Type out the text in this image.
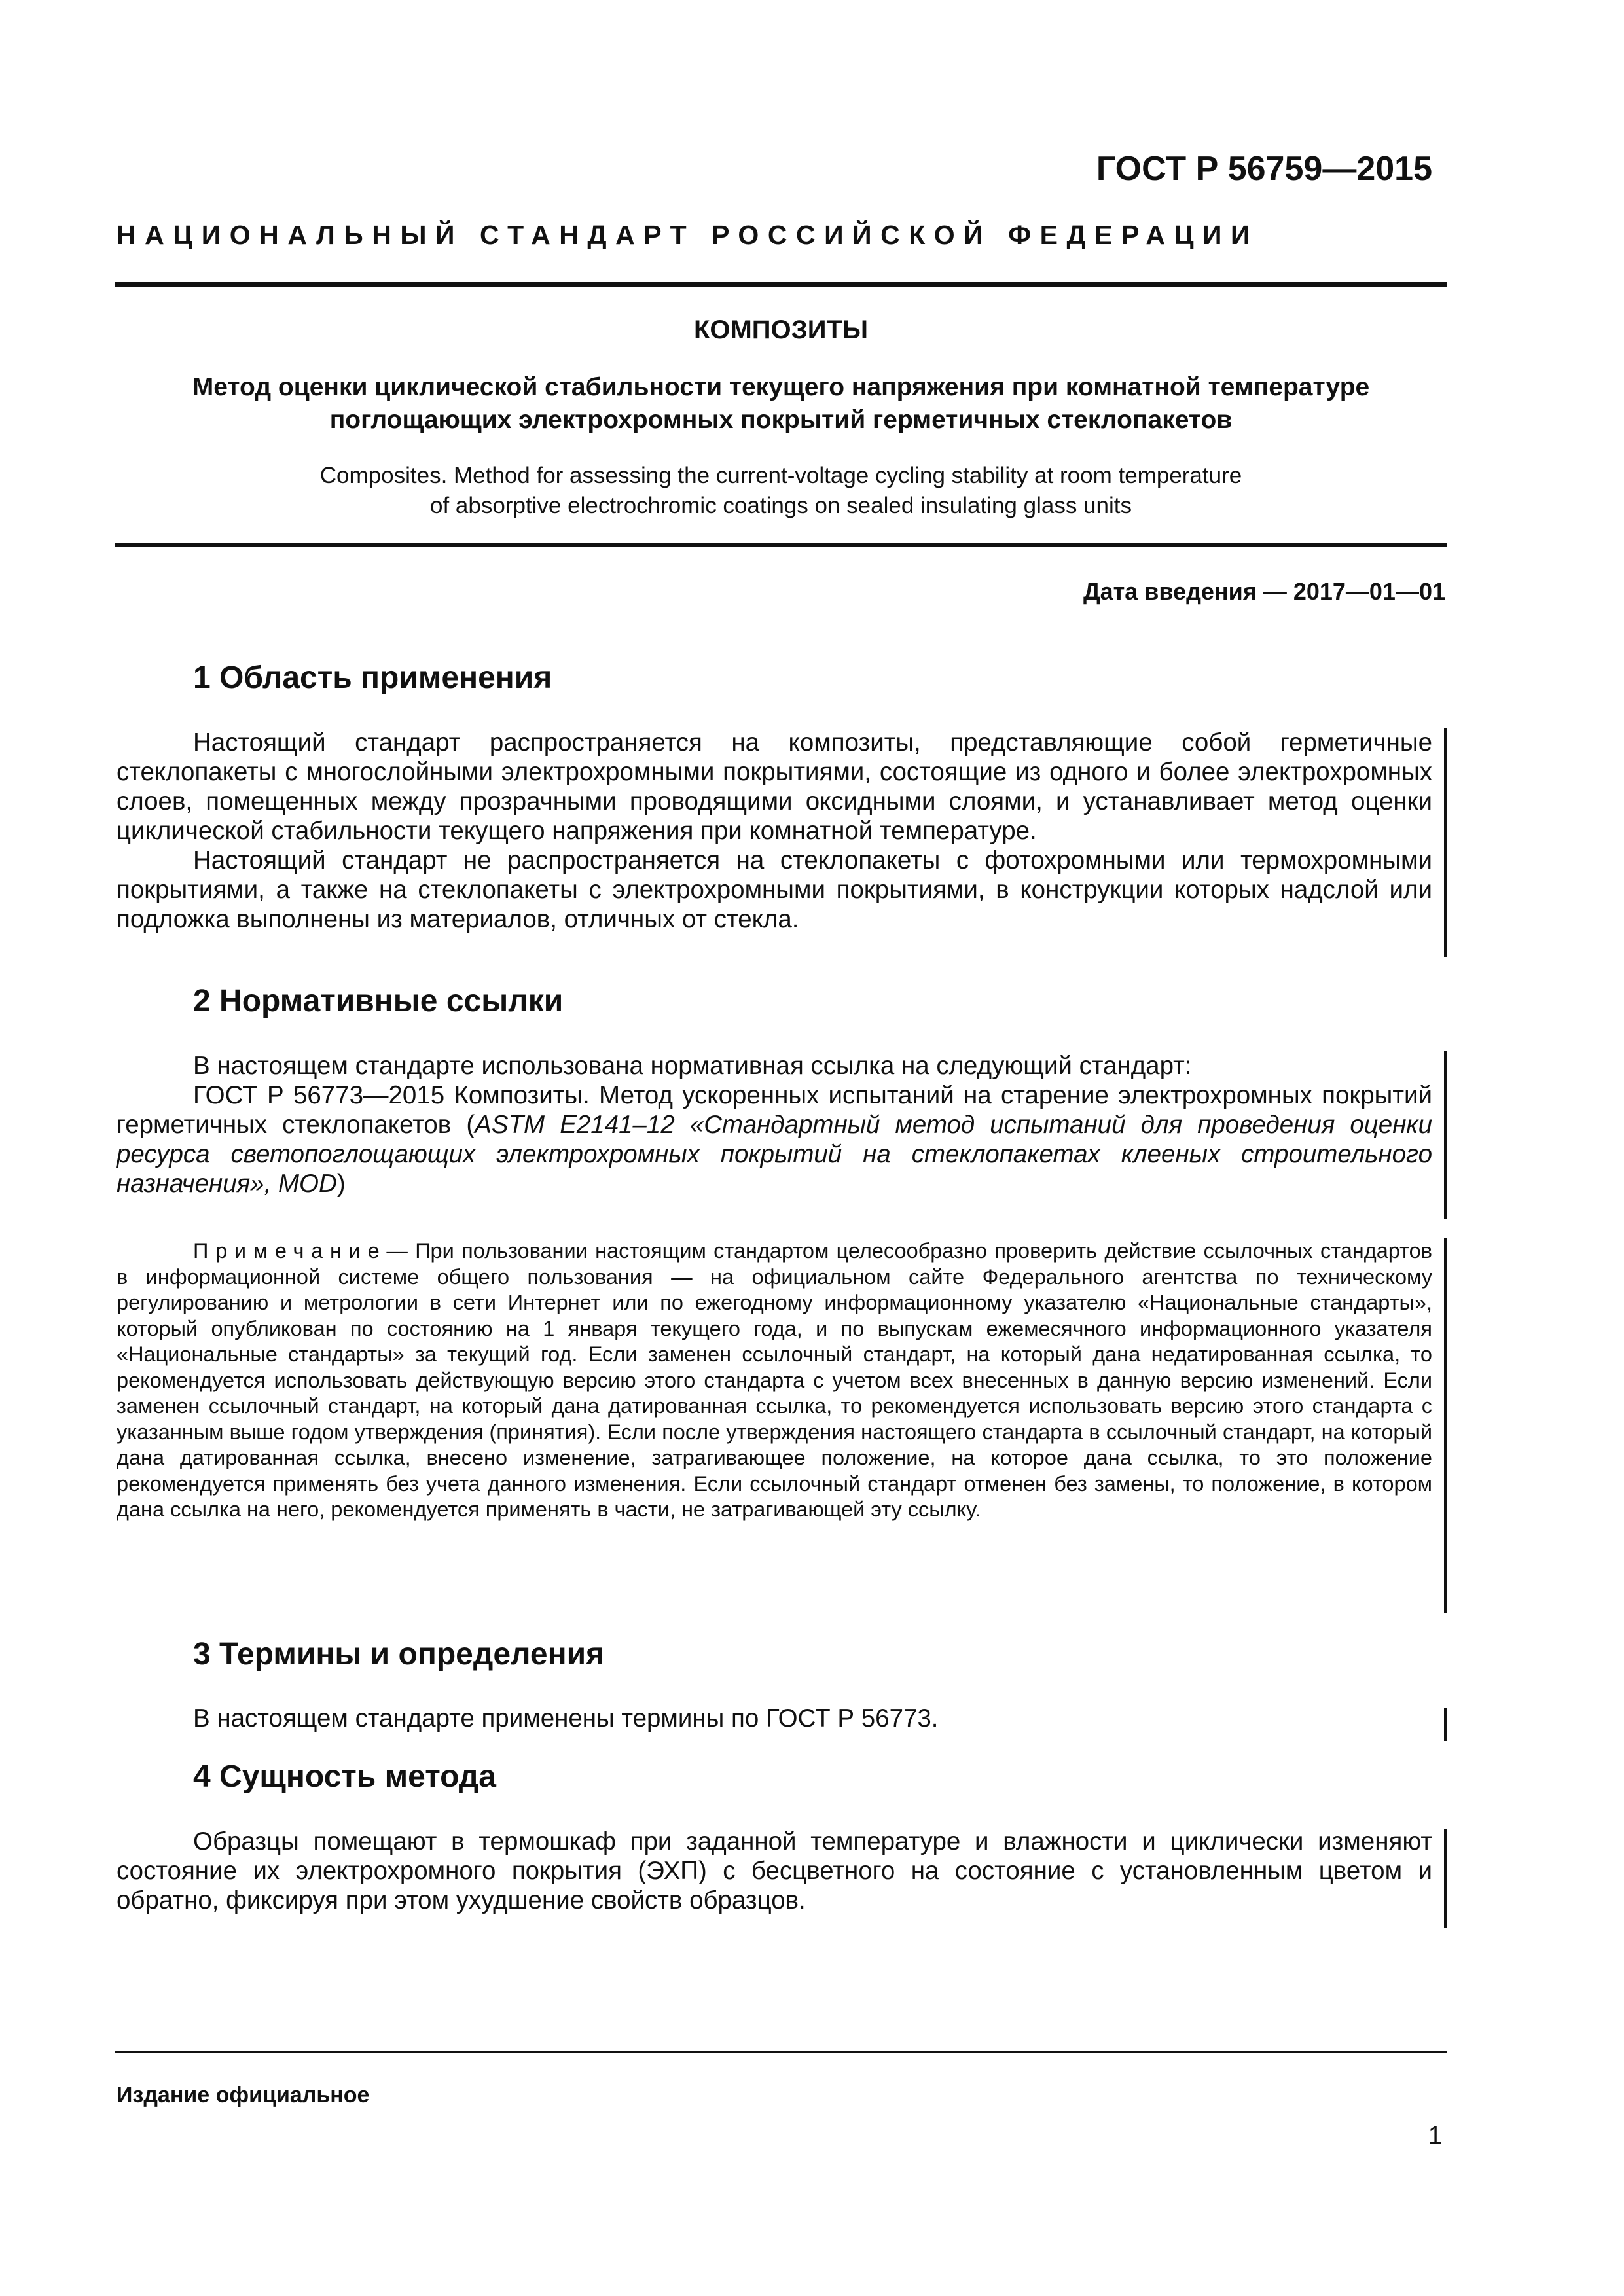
ГОСТ Р 56759—2015
НАЦИОНАЛЬНЫЙ СТАНДАРТ РОССИЙСКОЙ ФЕДЕРАЦИИ
КОМПОЗИТЫ
Метод оценки циклической стабильности текущего напряжения при комнатной температуре
поглощающих электрохромных покрытий герметичных стеклопакетов
Composites. Method for assessing the current-voltage cycling stability at room temperature
of absorptive electrochromic coatings on sealed insulating glass units
Дата введения — 2017—01—01
1 Область применения

Настоящий стандарт распространяется на композиты, представляющие собой герметичные стеклопакеты с многослойными электрохромными покрытиями, состоящие из одного и более электрохромных слоев, помещенных между прозрачными проводящими оксидными слоями, и устанавливает метод оценки циклической стабильности текущего напряжения при комнатной температуре.

Настоящий стандарт не распространяется на стеклопакеты с фотохромными или термохромными покрытиями, а также на стеклопакеты с электрохромными покрытиями, в конструкции которых надслой или подложка выполнены из материалов, отличных от стекла.

2 Нормативные ссылки

В настоящем стандарте использована нормативная ссылка на следующий стандарт:

ГОСТ Р 56773—2015 Композиты. Метод ускоренных испытаний на старение электрохромных покрытий герметичных стеклопакетов (ASTM E2141–12 «Стандартный метод испытаний для проведения оценки ресурса светопоглощающих электрохромных покрытий на стеклопакетах клееных строительного назначения», MOD)

Примечание— При пользовании настоящим стандартом целесообразно проверить действие ссылочных стандартов в информационной системе общего пользования — на официальном сайте Федерального агентства по техническому регулированию и метрологии в сети Интернет или по ежегодному информационному указателю «Национальные стандарты», который опубликован по состоянию на 1 января текущего года, и по выпускам ежемесячного информационного указателя «Национальные стандарты» за текущий год. Если заменен ссылочный стандарт, на который дана недатированная ссылка, то рекомендуется использовать действующую версию этого стандарта с учетом всех внесенных в данную версию изменений. Если заменен ссылочный стандарт, на который дана датированная ссылка, то рекомендуется использовать версию этого стандарта с указанным выше годом утверждения (принятия). Если после утверждения настоящего стандарта в ссылочный стандарт, на который дана датированная ссылка, внесено изменение, затрагивающее положение, на которое дана ссылка, то это положение рекомендуется применять без учета данного изменения. Если ссылочный стандарт отменен без замены, то положение, в котором дана ссылка на него, рекомендуется применять в части, не затрагивающей эту ссылку.

3 Термины и определения

В настоящем стандарте применены термины по ГОСТ Р 56773.

4 Сущность метода

Образцы помещают в термошкаф при заданной температуре и влажности и циклически изменяют состояние их электрохромного покрытия (ЭХП) с бесцветного на состояние с установленным цветом и обратно, фиксируя при этом ухудшение свойств образцов.

Издание официальное
1
